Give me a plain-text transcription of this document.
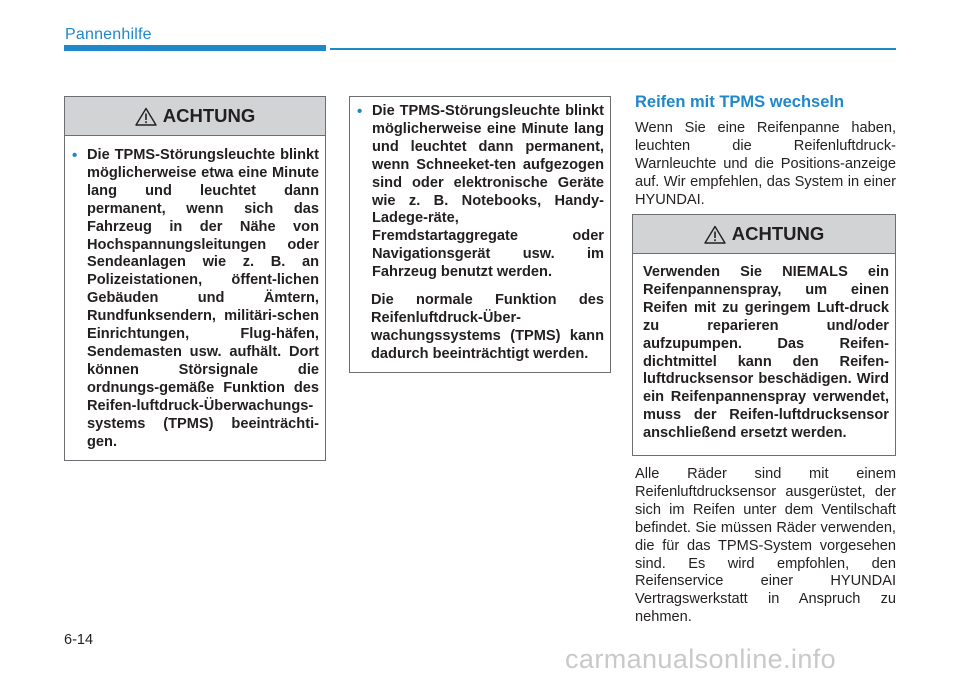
Pannenhilfe
ACHTUNG
• Die TPMS-Störungsleuchte blinkt möglicherweise etwa eine Minute lang und leuchtet dann permanent, wenn sich das Fahrzeug in der Nähe von Hochspannungsleitungen oder Sendeanlagen wie z. B. an Polizeistationen, öffent-lichen Gebäuden und Ämtern, Rundfunksendern, militäri-schen Einrichtungen, Flug-häfen, Sendemasten usw. aufhält. Dort können Störsignale die ordnungs-gemäße Funktion des Reifen-luftdruck-Überwachungs-systems (TPMS) beeinträchti-gen.
• Die TPMS-Störungsleuchte blinkt möglicherweise eine Minute lang und leuchtet dann permanent, wenn Schneeket-ten aufgezogen sind oder elektronische Geräte wie z. B. Notebooks, Handy-Ladege-räte, Fremdstartaggregate oder Navigationsgerät usw. im Fahrzeug benutzt werden.
Die normale Funktion des Reifenluftdruck-Über-wachungssystems (TPMS) kann dadurch beeinträchtigt werden.
Reifen mit TPMS wechseln
Wenn Sie eine Reifenpanne haben, leuchten die Reifenluftdruck-Warnleuchte und die Positions-anzeige auf. Wir empfehlen, das System in einer HYUNDAI.
ACHTUNG
Verwenden Sie NIEMALS ein Reifenpannenspray, um einen Reifen mit zu geringem Luft-druck zu reparieren und/oder aufzupumpen. Das Reifen-dichtmittel kann den Reifen-luftdrucksensor beschädigen. Wird ein Reifenpannenspray verwendet, muss der Reifen-luftdrucksensor anschließend ersetzt werden.
Alle Räder sind mit einem Reifenluftdrucksensor ausgerüstet, der sich im Reifen unter dem Ventilschaft befindet. Sie müssen Räder verwenden, die für das TPMS-System vorgesehen sind. Es wird empfohlen, den Reifenservice einer HYUNDAI Vertragswerkstatt in Anspruch zu nehmen.
6-14
carmanualsonline.info
